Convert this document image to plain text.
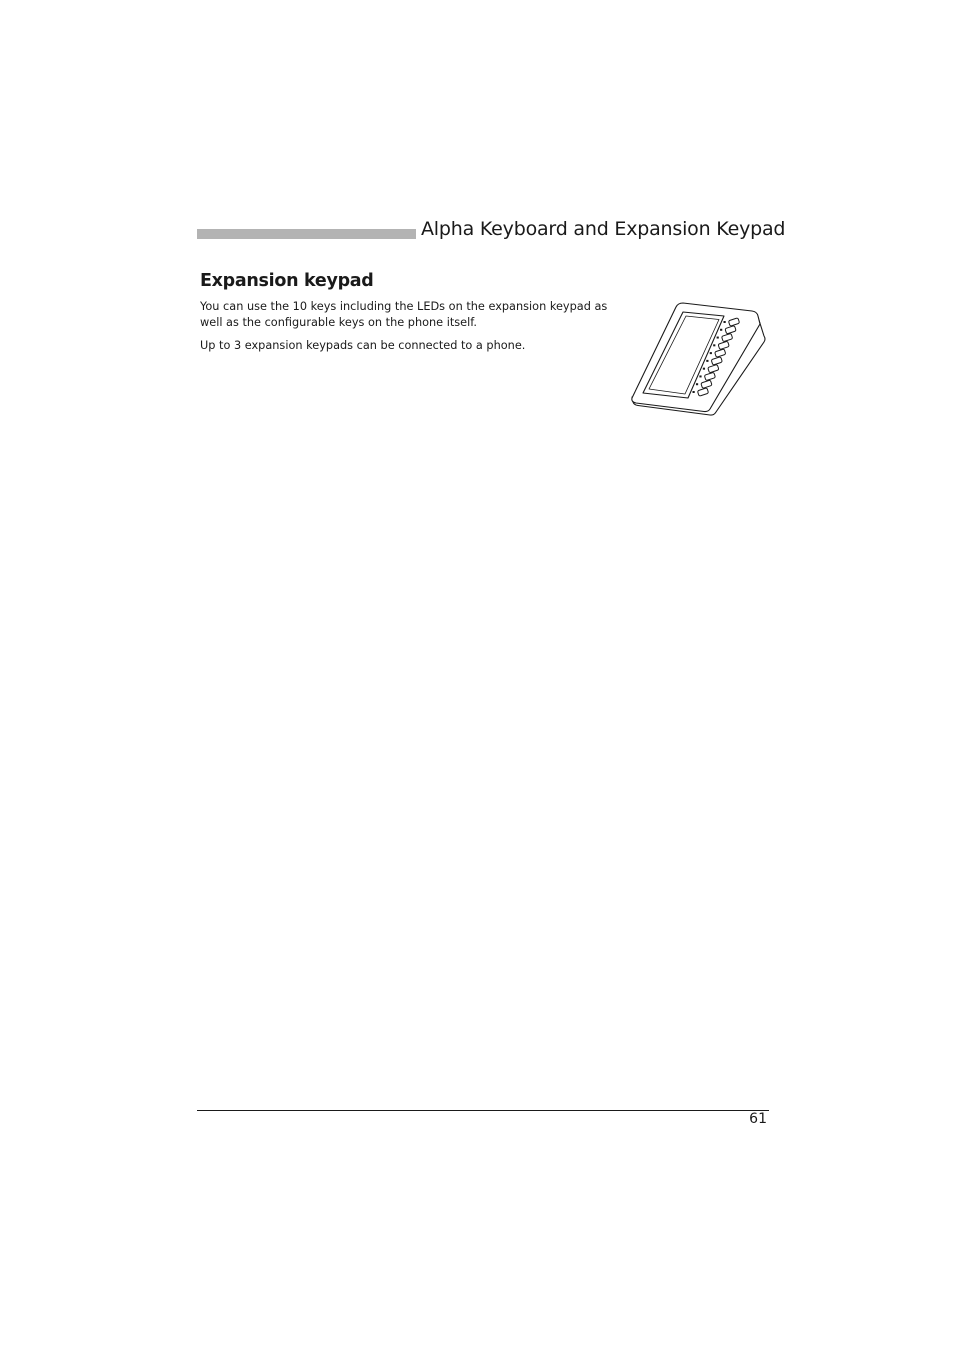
Alpha Keyboard and Expansion Keypad
Expansion keypad

You can use the 10 keys including the LEDs on the expansion keypad as well as the configurable keys on the phone itself.

Up to 3 expansion keypads can be connected to a phone.

61
